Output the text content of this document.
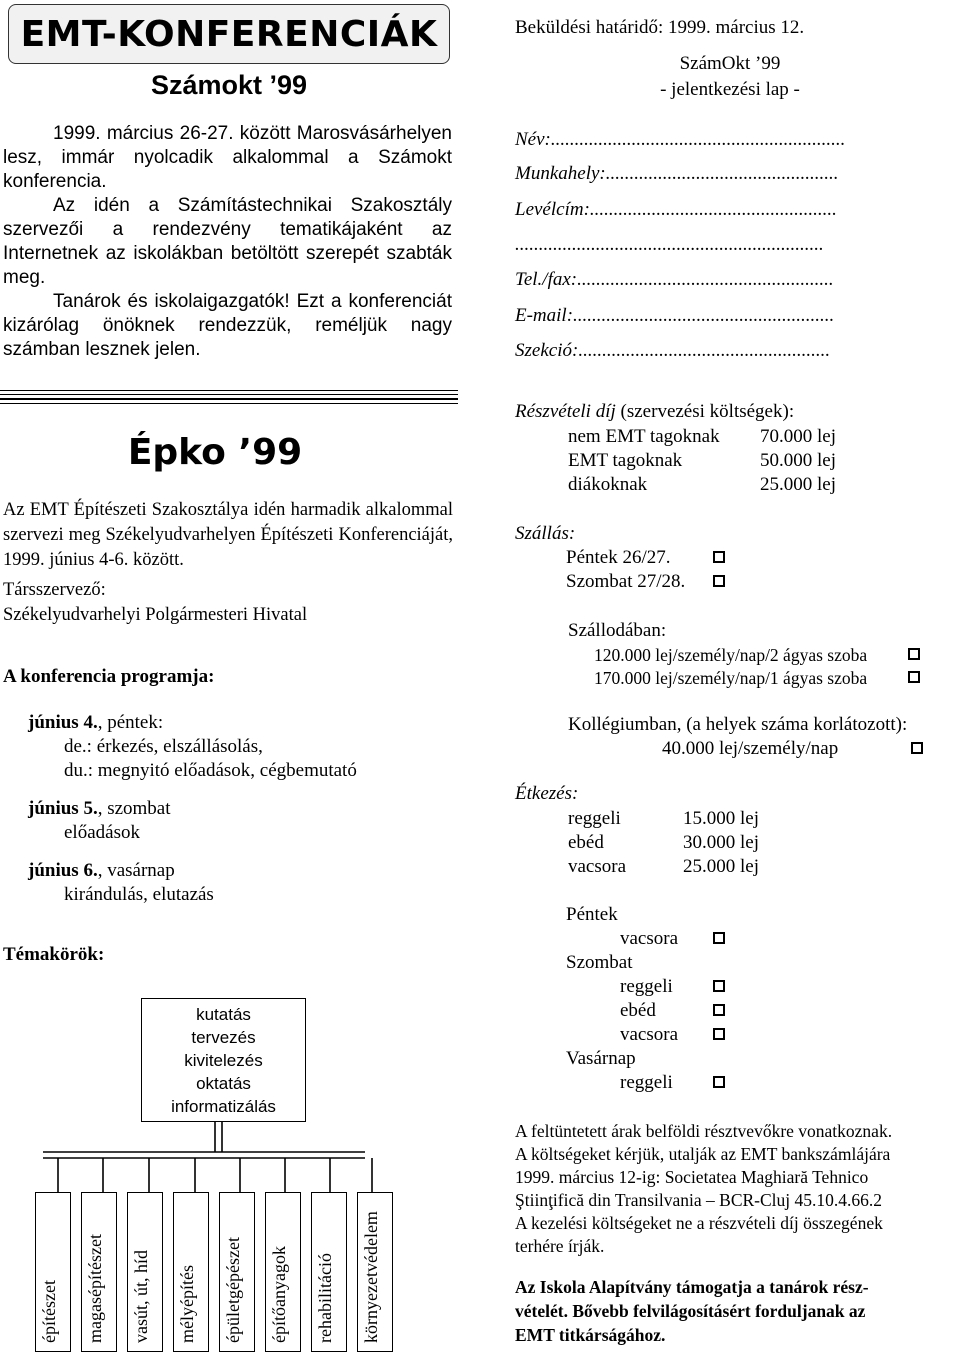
EMT-KONFERENCIÁK
Számokt ’99

1999. március 26-27. között Marosvásárhelyen lesz, immár nyolcadik alkalommal a Számokt konferencia.

Az idén a Számítástechnikai Szakosztály szervezői a rendezvény tematikájaként az Internetnek az iskolákban betöltött szerepét szabták meg.

Tanárok és iskolaigazgatók! Ezt a konferenciát kizárólag önöknek rendezzük, reméljük nagy számban lesznek jelen.

Épko ’99
Az EMT Építészeti Szakosztálya idén harmadik alkalommal szervezi meg Székelyudvarhelyen Építészeti Konferenciáját, 1999. június 4-6. között.
Társszervező:
Székelyudvarhelyi Polgármesteri Hivatal
A konferencia programja:
június 4., péntek:
de.: érkezés, elszállásolás,
du.: megnyitó előadások, cégbemutató
június 5., szombat
előadások
június 6., vasárnap
kirándulás, elutazás
Témakörök:
kutatás
tervezés
kivitelezés
oktatás
informatizálás
építészet magasépítészet vasút, út, híd mélyépítés épületgépészet építőanyagok rehabilitáció környezetvédelem
Beküldési határidő: 1999. március 12.
SzámOkt ’99
- jelentkezési lap -
Név:..............................................................
Munkahely:.................................................
Levélcím:....................................................
.................................................................
Tel./fax:......................................................
E-mail:.......................................................
Szekció:.....................................................
Részvételi díj (szervezési költségek):
nem EMT tagoknak 70.000 lej
EMT tagoknak	50.000 lej
diákoknak	25.000 lej
Szállás:
Péntek 26/27.
Szombat 27/28.
Szállodában:
120.000 lej/személy/nap/2 ágyas szoba
170.000 lej/személy/nap/1 ágyas szoba
Kollégiumban, (a helyek száma korlátozott):
40.000 lej/személy/nap
Étkezés:
reggeli	15.000 lej
ebéd	30.000 lej
vacsora	25.000 lej
Péntek
vacsora
Szombat
reggeli
ebéd
vacsora
Vasárnap
reggeli
A feltüntetett árak belföldi résztvevőkre vonatkoznak.
A költségeket kérjük, utalják az EMT bankszámlájára
1999. március 12-ig: Societatea Maghiară Tehnico
Ştiinţifică din Transilvania – BCR-Cluj 45.10.4.66.2
A kezelési költségeket ne a részvételi díj összegének
terhére írják.
Az Iskola Alapítvány támogatja a tanárok rész-
vételét. Bővebb felvilágosításért forduljanak az
EMT titkárságához.
